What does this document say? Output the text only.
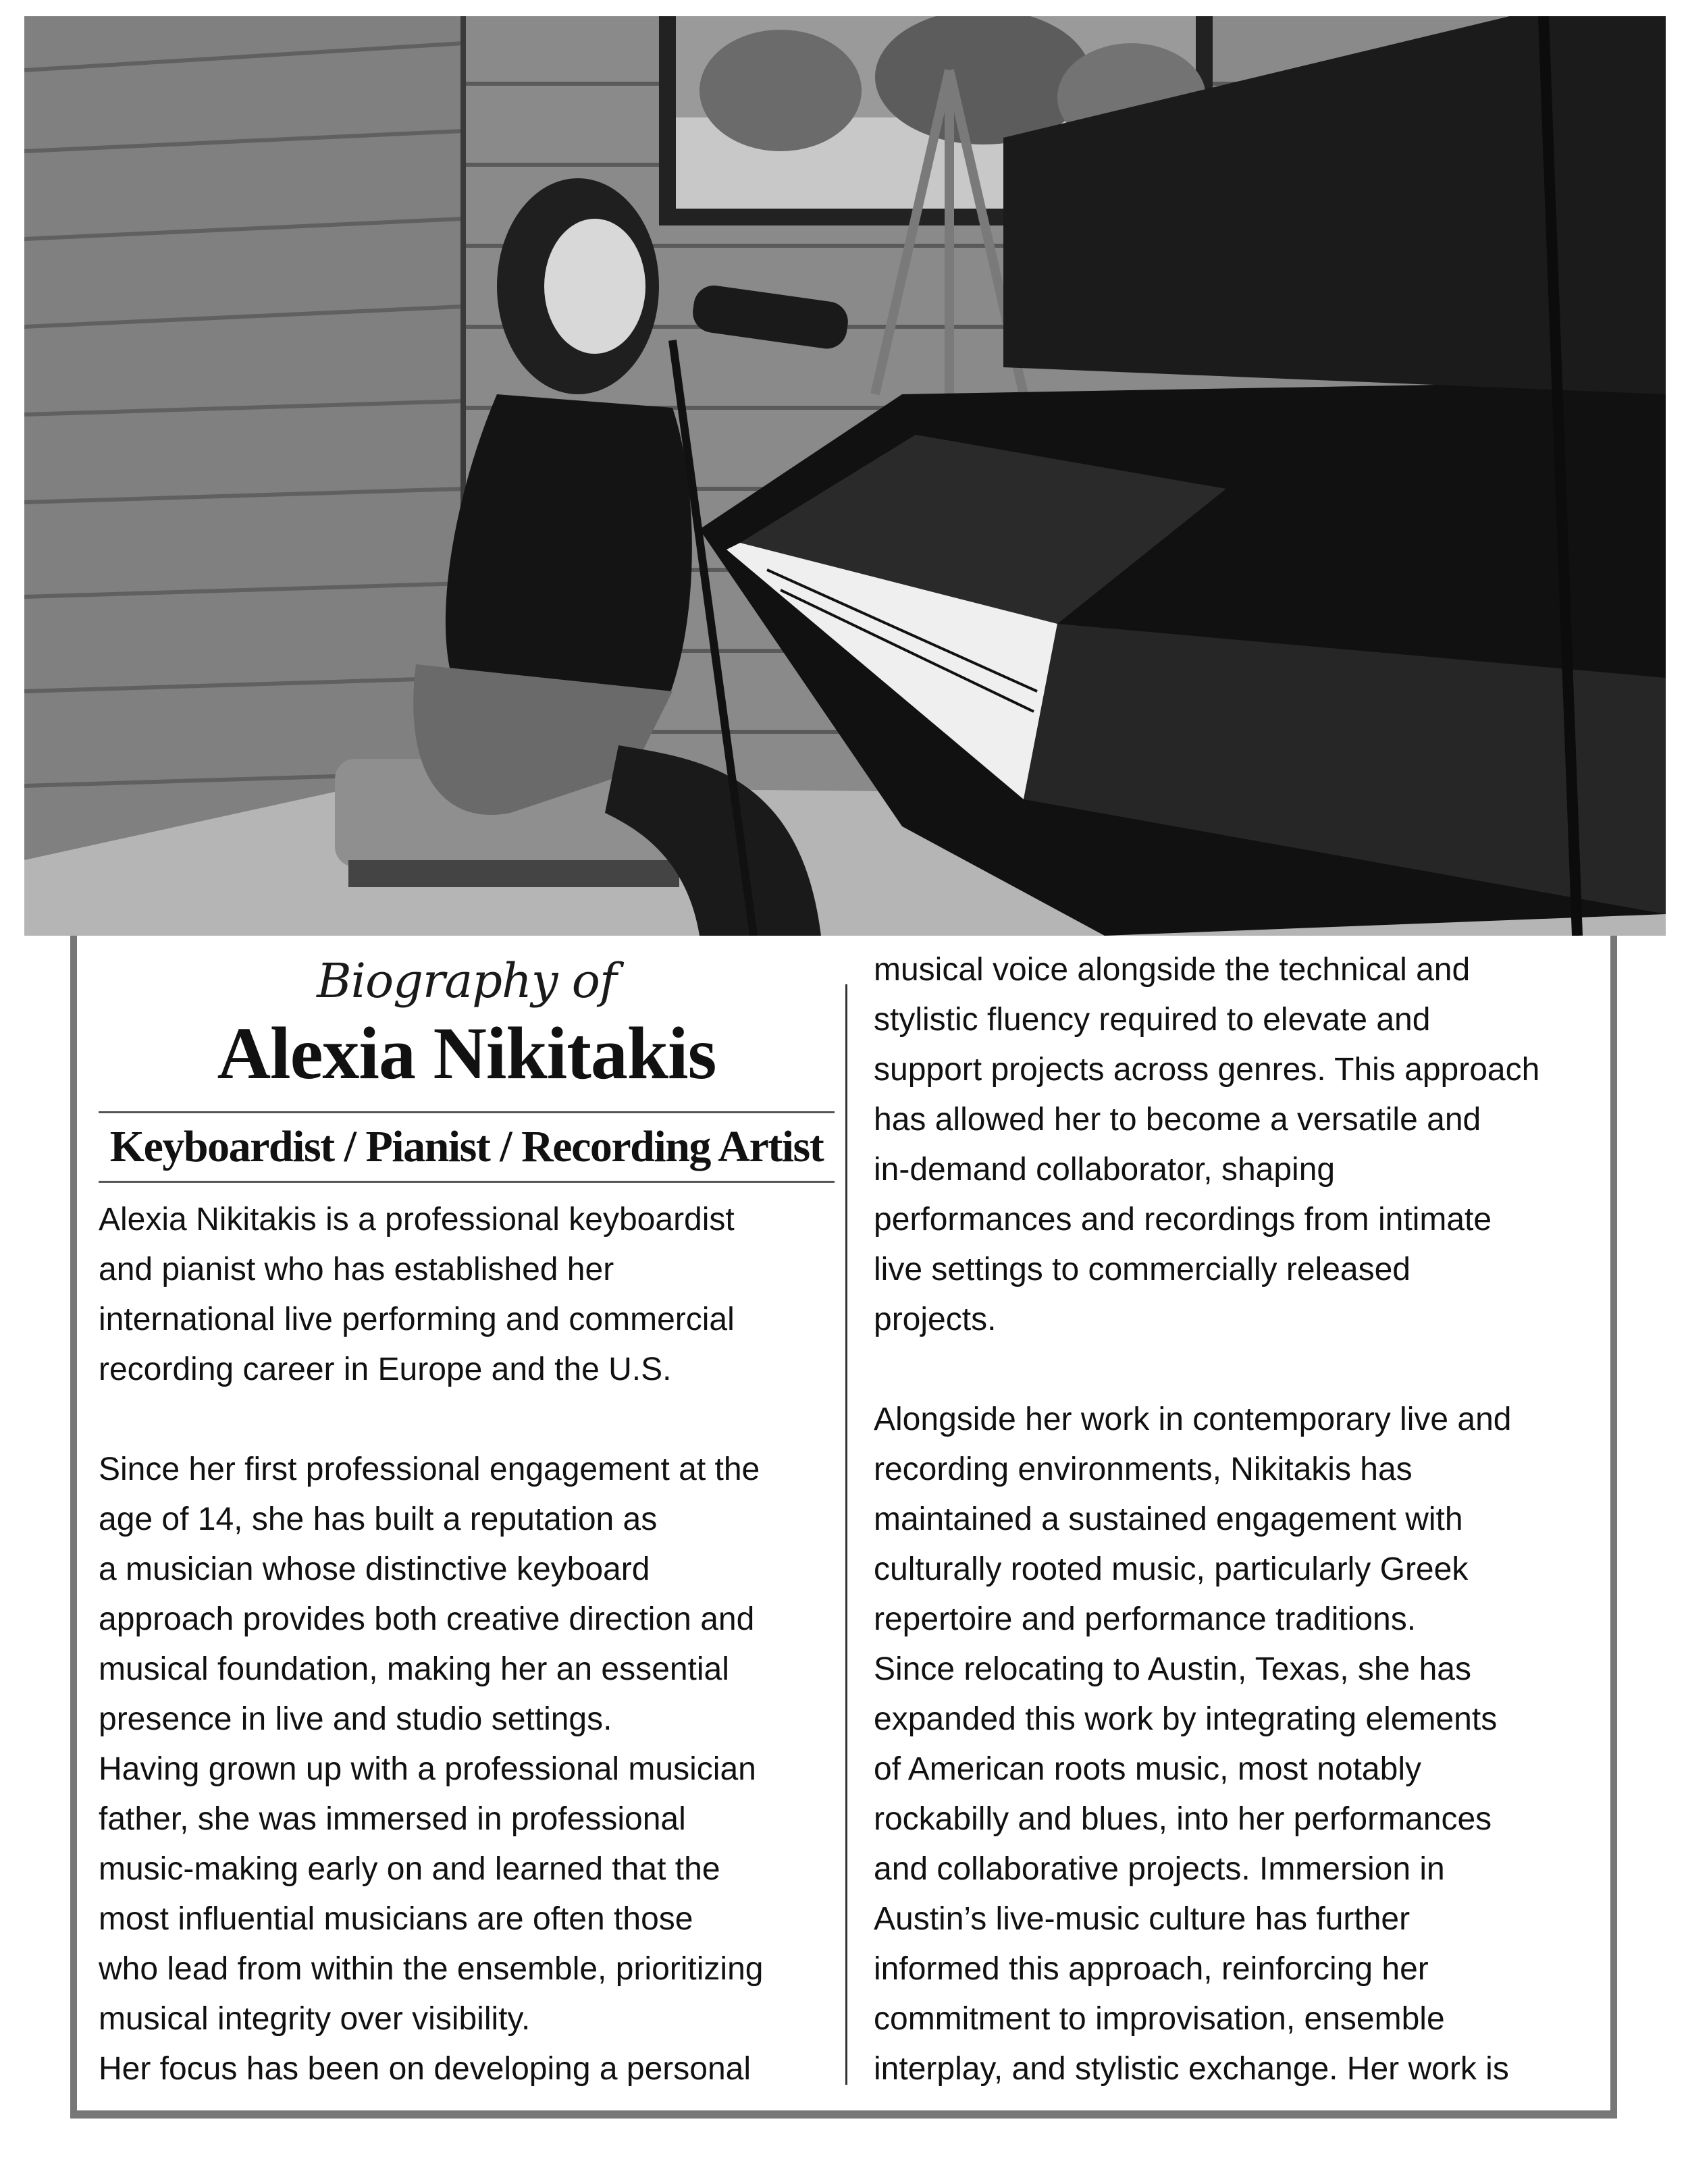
Biography of
Alexia Nikitakis
Keyboardist / Pianist / Recording Artist

Alexia Nikitakis is a professional keyboardist
and pianist who has established her
international live performing and commercial
recording career in Europe and the U.S.

Since her first professional engagement at the
age of 14, she has built a reputation as
a musician whose distinctive keyboard
approach provides both creative direction and
musical foundation, making her an essential
presence in live and studio settings.

Having grown up with a professional musician
father, she was immersed in professional
music-making early on and learned that the
most influential musicians are often those
who lead from within the ensemble, prioritizing
musical integrity over visibility.

Her focus has been on developing a personal

musical voice alongside the technical and
stylistic fluency required to elevate and
support projects across genres. This approach
has allowed her to become a versatile and
in-demand collaborator, shaping
performances and recordings from intimate
live settings to commercially released
projects.

Alongside her work in contemporary live and
recording environments, Nikitakis has
maintained a sustained engagement with
culturally rooted music, particularly Greek
repertoire and performance traditions.

Since relocating to Austin, Texas, she has
expanded this work by integrating elements
of American roots music, most notably
rockabilly and blues, into her performances
and collaborative projects. Immersion in
Austin’s live-music culture has further
informed this approach, reinforcing her
commitment to improvisation, ensemble
interplay, and stylistic exchange. Her work is
